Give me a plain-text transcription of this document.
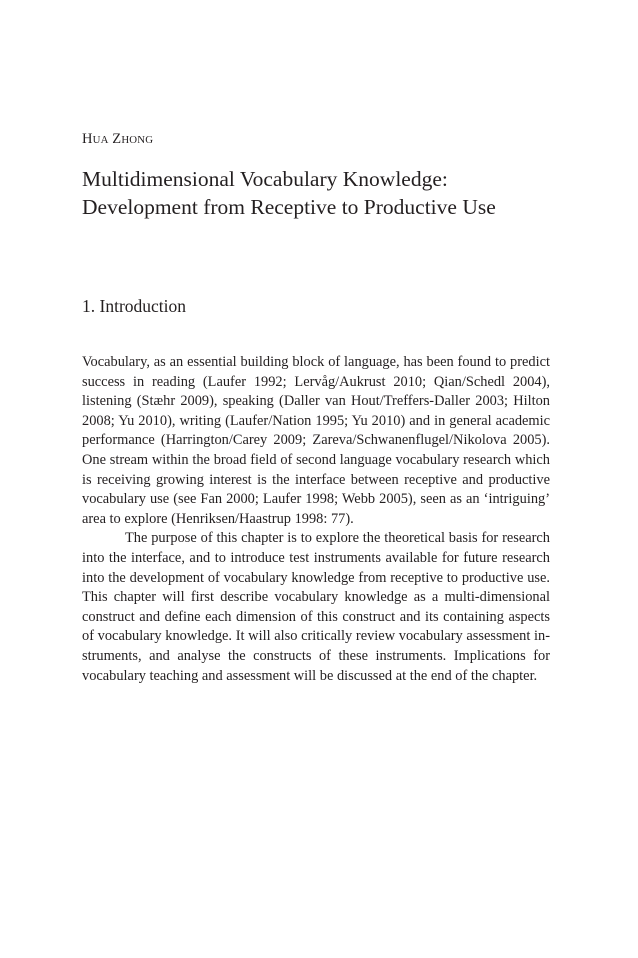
HUA ZHONG
Multidimensional Vocabulary Knowledge:
Development from Receptive to Productive Use
1. Introduction

Vocabulary, as an essential building block of language, has been found to predict success in reading (Laufer 1992; Lervåg/Aukrust 2010; Qian/Schedl 2004), listening (Stæhr 2009), speaking (Daller van Hout/Treffers-Daller 2003; Hilton 2008; Yu 2010), writing (Laufer/​Nation 1995; Yu 2010) and in general academic performance (Harrington/Carey 2009; Zareva/Schwanenflugel/Nikolova 2005). One stream within the broad field of second language vocabulary research which is receiving growing interest is the interface between receptive and productive vocabulary use (see Fan 2000; Laufer 1998; Webb 2005), seen as an ‘intriguing’ area to explore (Henriksen/​Haastrup 1998: 77).

The purpose of this chapter is to explore the theoretical basis for research into the interface, and to introduce test instruments available for future research into the development of vocabulary knowledge from receptive to productive use. This chapter will first describe vocabulary knowledge as a multi-dimensional construct and define each dimension of this construct and its containing aspects of vocabulary knowledge. It will also critically review vocabulary assessment instruments, and analyse the constructs of these instruments. Implications for vocabulary teaching and assessment will be discussed at the end of the chapter.
